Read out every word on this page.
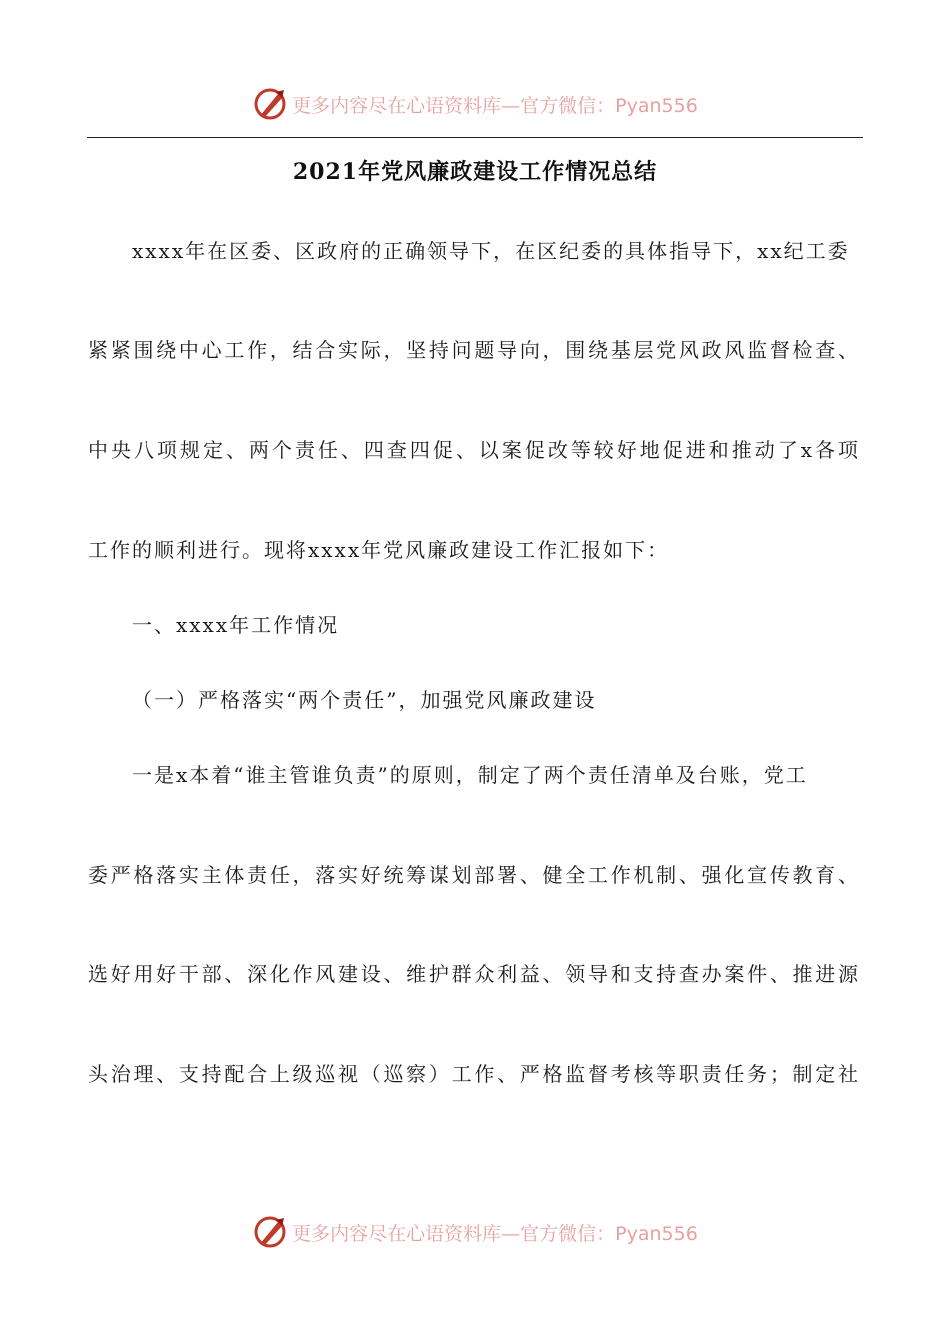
更多内容尽在心语资料库—官方微信：Pyan556
2021年党风廉政建设工作情况总结
xxxx年在区委、区政府的正确领导下，在区纪委的具体指导下，xx纪工委
紧紧围绕中心工作，结合实际，坚持问题导向，围绕基层党风政风监督检查、
中央八项规定、两个责任、四查四促、以案促改等较好地促进和推动了x各项
工作的顺利进行。现将xxxx年党风廉政建设工作汇报如下：
一、xxxx年工作情况
（一）严格落实“两个责任”，加强党风廉政建设
一是x本着“谁主管谁负责”的原则，制定了两个责任清单及台账，党工
委严格落实主体责任，落实好统筹谋划部署、健全工作机制、强化宣传教育、
选好用好干部、深化作风建设、维护群众利益、领导和支持查办案件、推进源
头治理、支持配合上级巡视（巡察）工作、严格监督考核等职责任务；制定社
更多内容尽在心语资料库—官方微信：Pyan556
